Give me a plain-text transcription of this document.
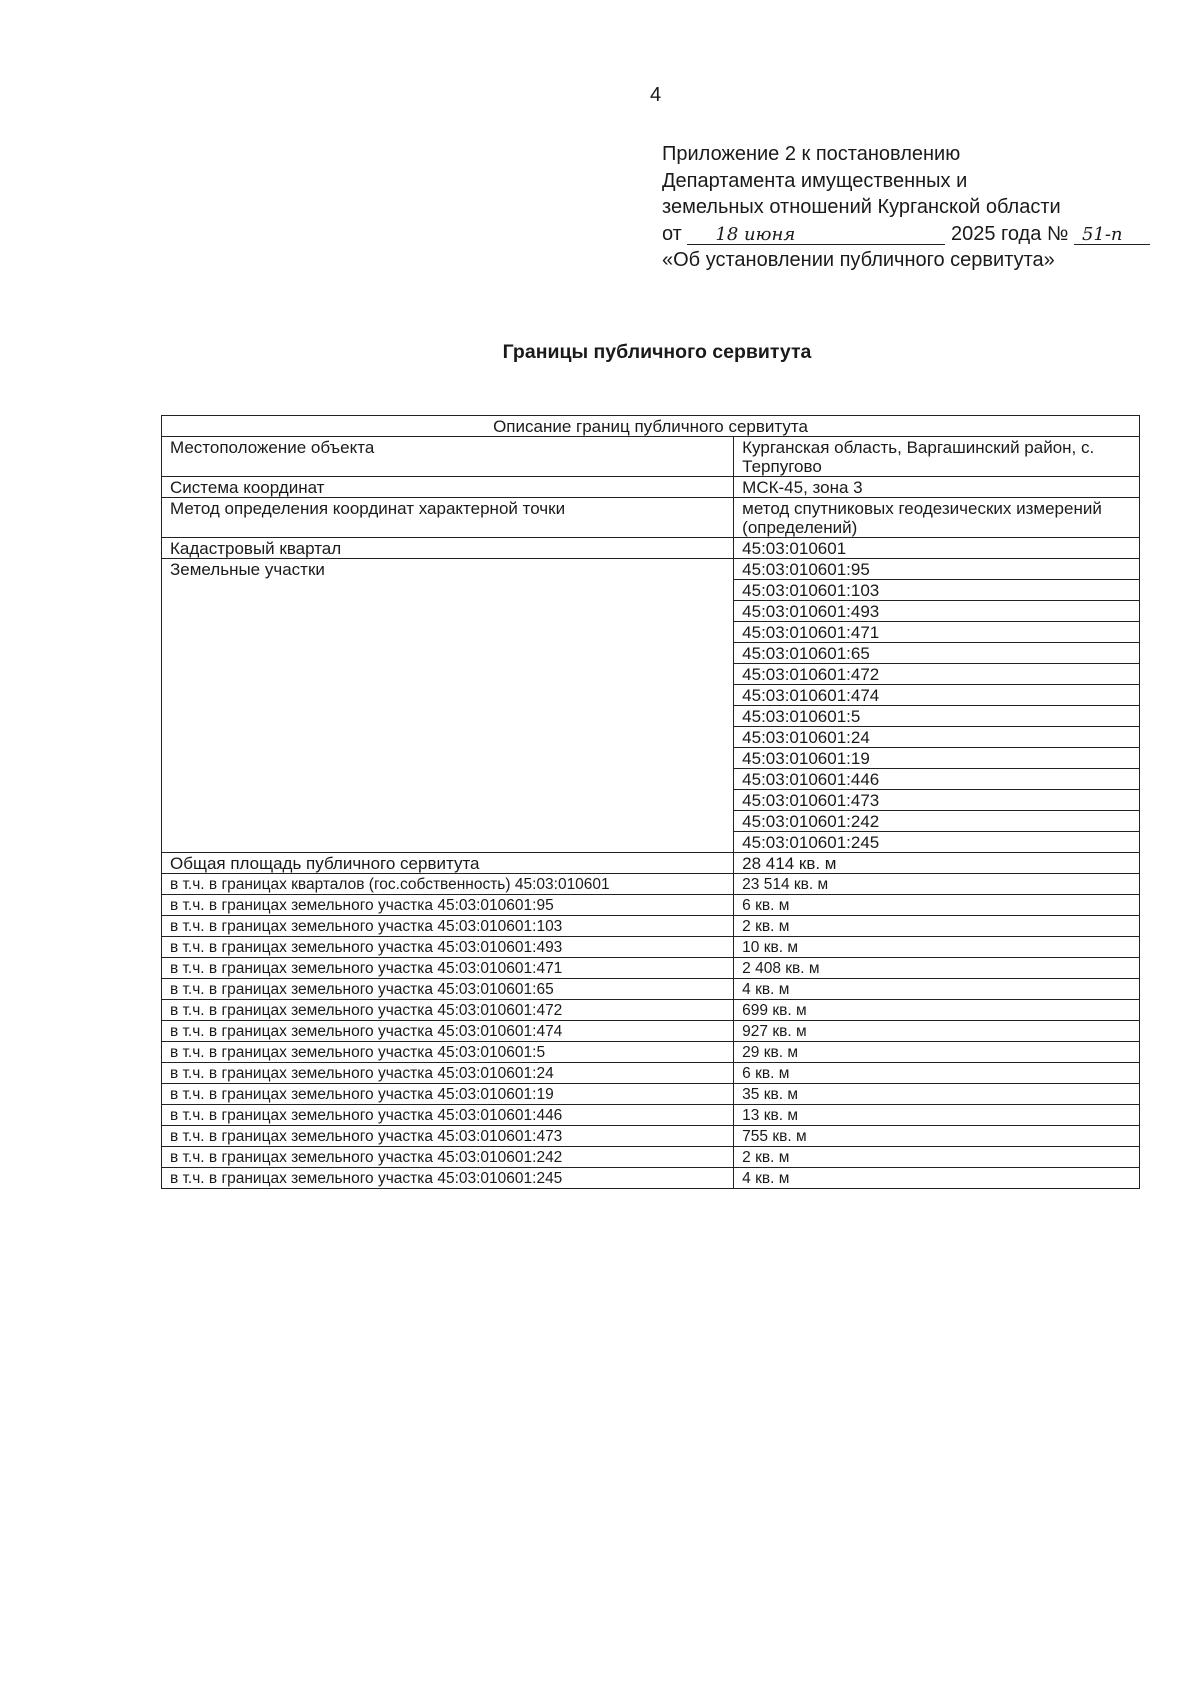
4
Приложение 2 к постановлению
Департамента имущественных и
земельных отношений Курганской области
от 18 июня	2025 года № 51-п
«Об установлении публичного сервитута»
Границы публичного сервитута
Описание границ публичного сервитута	
Местоположение объекта	Курганская область, Варгашинский район, с. Терпугово
Система координат	МСК-45, зона 3
Метод определения координат характерной точки	метод спутниковых геодезических измерений (определений)
Кадастровый квартал	45:03:010601
Земельные участки	45:03:010601:95
	45:03:010601:103
	45:03:010601:493
	45:03:010601:471
	45:03:010601:65
	45:03:010601:472
	45:03:010601:474
	45:03:010601:5
	45:03:010601:24
	45:03:010601:19
	45:03:010601:446
	45:03:010601:473
	45:03:010601:242
	45:03:010601:245
Общая площадь публичного сервитута	28 414 кв. м
в т.ч. в границах кварталов (гос.собственность) 45:03:010601	23 514 кв. м
в т.ч. в границах земельного участка 45:03:010601:95	6 кв. м
в т.ч. в границах земельного участка 45:03:010601:103	2 кв. м
в т.ч. в границах земельного участка 45:03:010601:493	10 кв. м
в т.ч. в границах земельного участка 45:03:010601:471	2 408 кв. м
в т.ч. в границах земельного участка 45:03:010601:65	4 кв. м
в т.ч. в границах земельного участка 45:03:010601:472	699 кв. м
в т.ч. в границах земельного участка 45:03:010601:474	927 кв. м
в т.ч. в границах земельного участка 45:03:010601:5	29 кв. м
в т.ч. в границах земельного участка 45:03:010601:24	6 кв. м
в т.ч. в границах земельного участка 45:03:010601:19	35 кв. м
в т.ч. в границах земельного участка 45:03:010601:446	13 кв. м
в т.ч. в границах земельного участка 45:03:010601:473	755 кв. м
в т.ч. в границах земельного участка 45:03:010601:242	2 кв. м
в т.ч. в границах земельного участка 45:03:010601:245	4 кв. м
